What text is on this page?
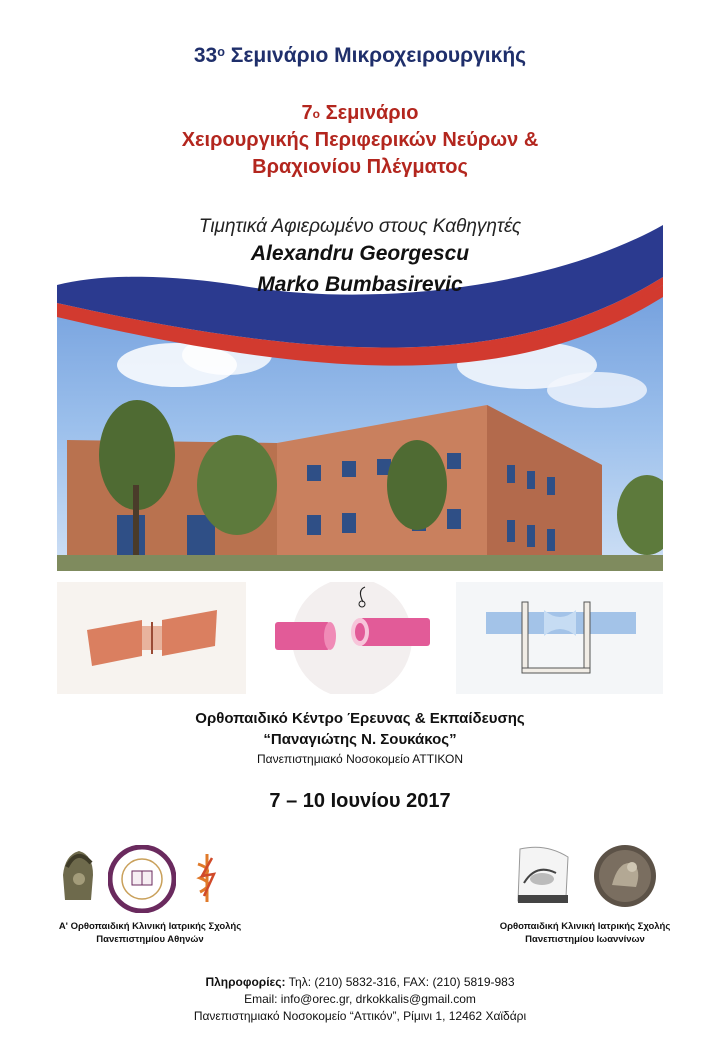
$33^o$ Σεμινάριο Μικροχειρουργικής
$7^o$ Σεμινάριο
Χειρουργικής Περιφερικών Νεύρων &
Βραχιονίου Πλέγματος
Τιμητικά Αφιερωμένο στους Καθηγητές
Alexandru Georgescu
Marko Bumbasirevic
Ορθοπαιδικό Κέντρο Έρευνας & Εκπαίδευσης
“Παναγιώτης Ν. Σουκάκος”
Πανεπιστημιακό Νοσοκομείο ΑΤΤΙΚΟΝ
7 – 10 Ιουνίου 2017
Α' Ορθοπαιδική Κλινική Ιατρικής Σχολής
Πανεπιστημίου Αθηνών
Ορθοπαιδική Κλινική Ιατρικής Σχολής
Πανεπιστημίου Ιωαννίνων
Πληροφορίες: Τηλ: (210) 5832-316, FAX: (210) 5819-983
Email: info@orec.gr, drkokkalis@gmail.com
Πανεπιστημιακό Νοσοκομείο “Αττικόν”, Ρίμινι 1, 12462 Χαϊδάρι
